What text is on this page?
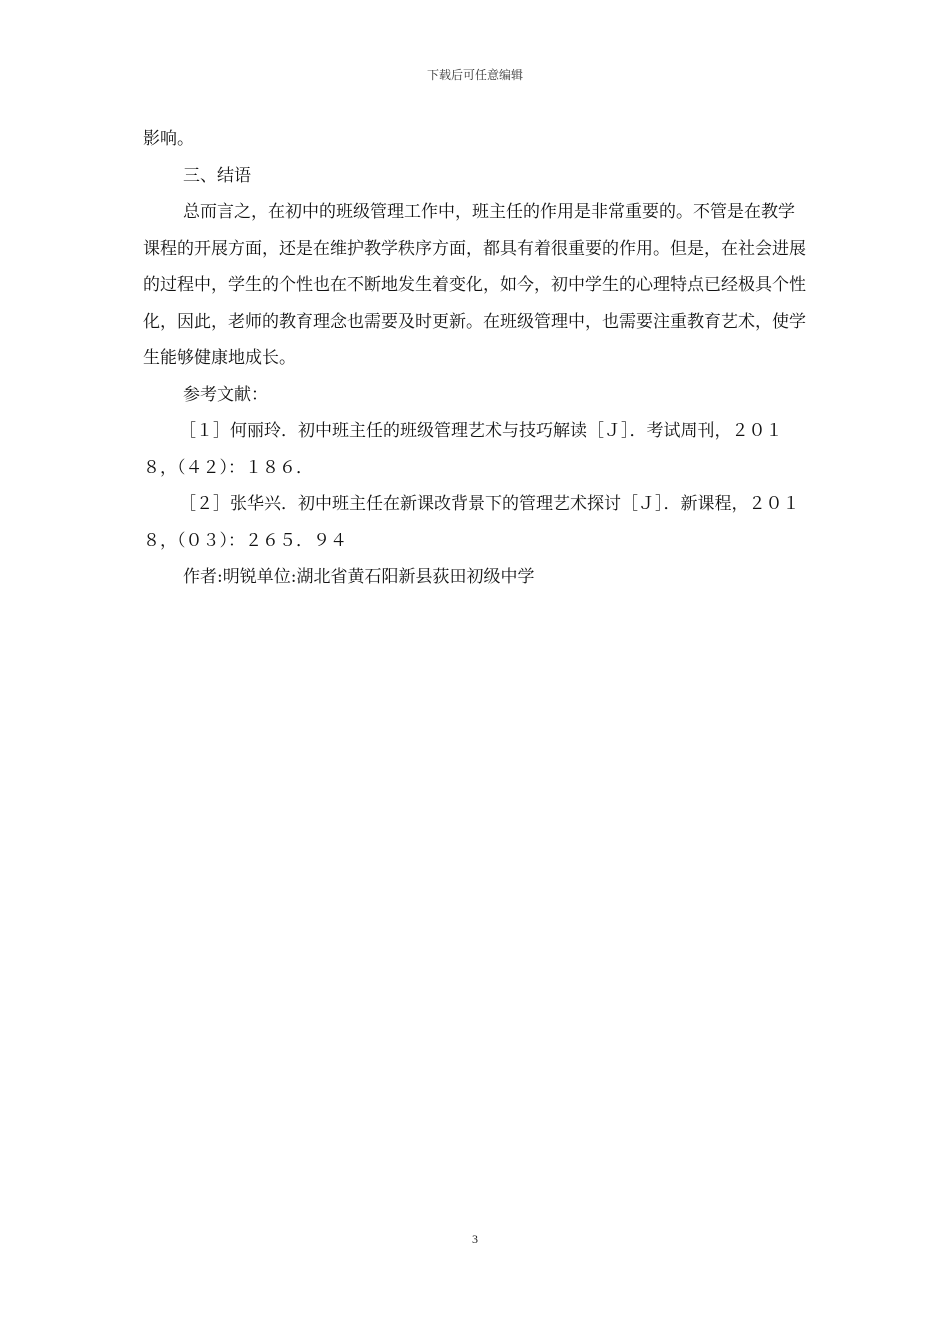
下载后可任意编辑

影响。

三、结语

总而言之，在初中的班级管理工作中，班主任的作用是非常重要的。不管是在教学课程的开展方面，还是在维护教学秩序方面，都具有着很重要的作用。但是，在社会进展的过程中，学生的个性也在不断地发生着变化，如今，初中学生的心理特点已经极具个性化，因此，老师的教育理念也需要及时更新。在班级管理中，也需要注重教育艺术，使学生能够健康地成长。

参考文献：

［１］何丽玲．初中班主任的班级管理艺术与技巧解读［Ｊ］．考试周刊，２０１８，（４２）：１８６．

［２］张华兴．初中班主任在新课改背景下的管理艺术探讨［Ｊ］．新课程，２０１８，（０３）：２６５．９４

作者:明锐单位:湖北省黄石阳新县荻田初级中学

3
